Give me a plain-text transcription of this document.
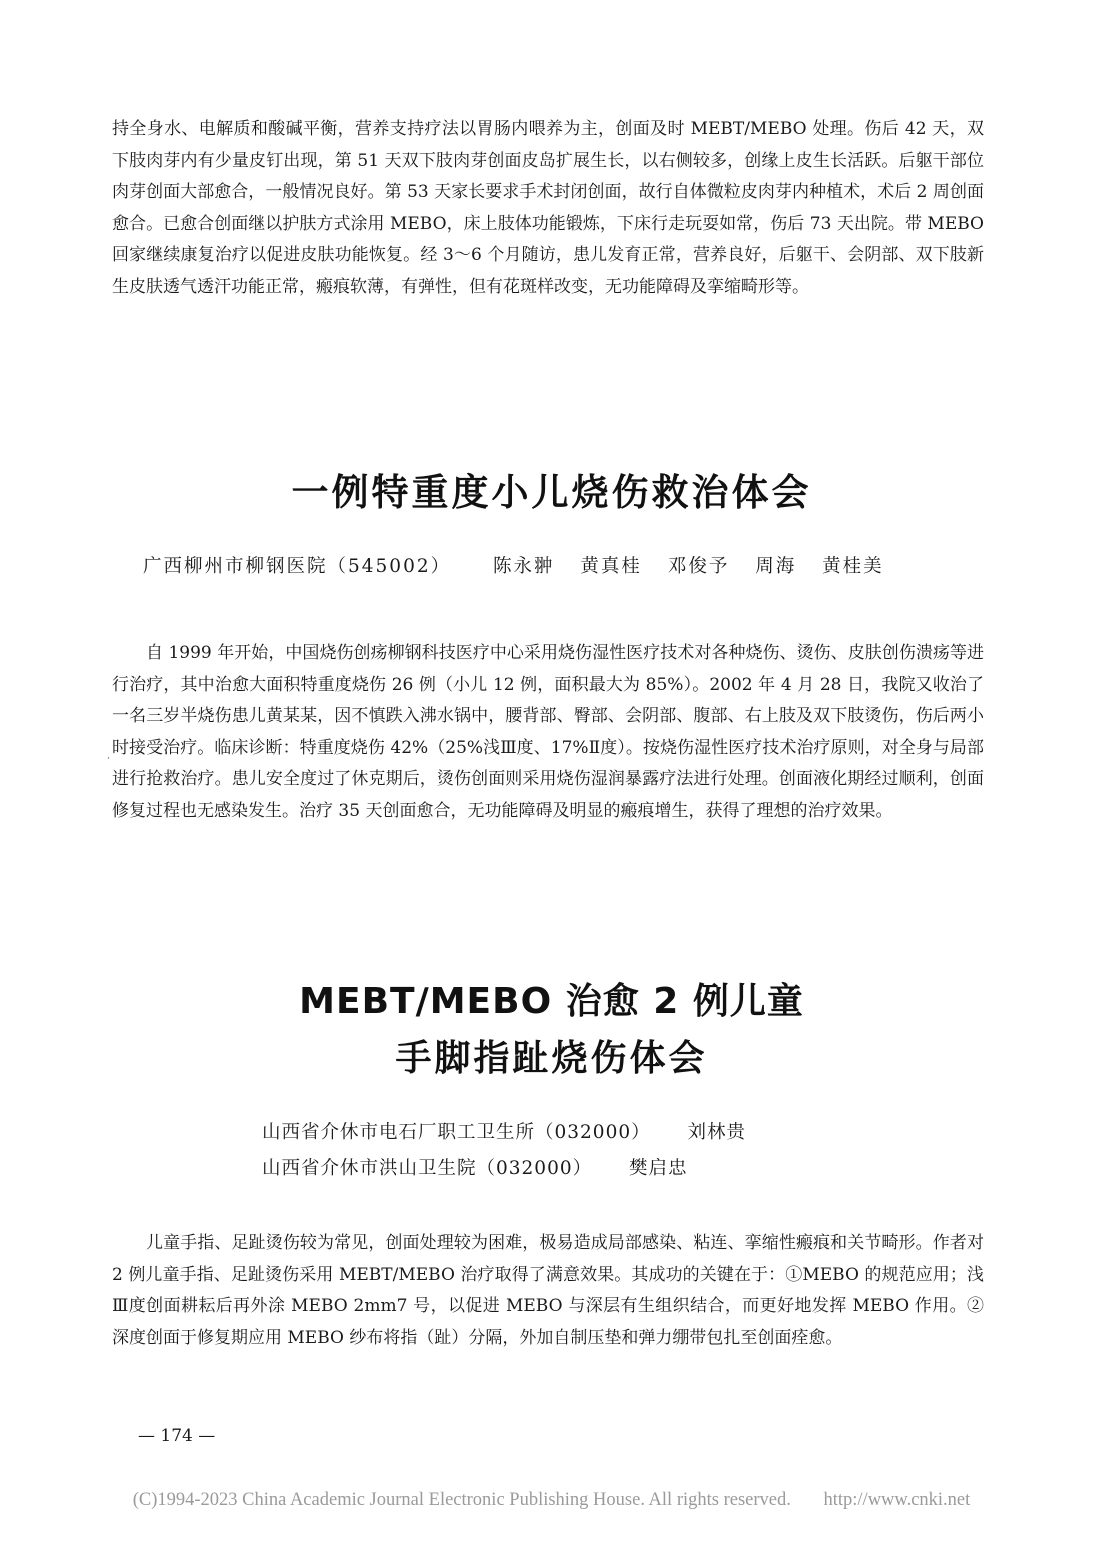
持全身水、电解质和酸碱平衡，营养支持疗法以胃肠内喂养为主，创面及时 MEBT/MEBO 处理。伤后 42 天，双下肢肉芽内有少量皮钉出现，第 51 天双下肢肉芽创面皮岛扩展生长，以右侧较多，创缘上皮生长活跃。后躯干部位肉芽创面大部愈合，一般情况良好。第 53 天家长要求手术封闭创面，故行自体微粒皮肉芽内种植术，术后 2 周创面愈合。已愈合创面继以护肤方式涂用 MEBO，床上肢体功能锻炼，下床行走玩耍如常，伤后 73 天出院。带 MEBO 回家继续康复治疗以促进皮肤功能恢复。经 3～6 个月随访，患儿发育正常，营养良好，后躯干、会阴部、双下肢新生皮肤透气透汗功能正常，瘢痕软薄，有弹性，但有花斑样改变，无功能障碍及挛缩畸形等。

一例特重度小儿烧伤救治体会
广西柳州市柳钢医院（545002） 陈永翀 黄真桂 邓俊予 周海 黄桂美
·

自 1999 年开始，中国烧伤创疡柳钢科技医疗中心采用烧伤湿性医疗技术对各种烧伤、烫伤、皮肤创伤溃疡等进行治疗，其中治愈大面积特重度烧伤 26 例（小儿 12 例，面积最大为 85%）。2002 年 4 月 28 日，我院又收治了一名三岁半烧伤患儿黄某某，因不慎跌入沸水锅中，腰背部、臀部、会阴部、腹部、右上肢及双下肢烫伤，伤后两小时接受治疗。临床诊断：特重度烧伤 42%（25%浅Ⅲ度、17%Ⅱ度）。按烧伤湿性医疗技术治疗原则，对全身与局部进行抢救治疗。患儿安全度过了休克期后，烫伤创面则采用烧伤湿润暴露疗法进行处理。创面液化期经过顺利，创面修复过程也无感染发生。治疗 35 天创面愈合，无功能障碍及明显的瘢痕增生，获得了理想的治疗效果。

MEBT/MEBO 治愈 2 例儿童
手脚指趾烧伤体会
山西省介休市电石厂职工卫生所（032000） 刘林贵
山西省介休市洪山卫生院（032000） 樊启忠

儿童手指、足趾烫伤较为常见，创面处理较为困难，极易造成局部感染、粘连、挛缩性瘢痕和关节畸形。作者对 2 例儿童手指、足趾烫伤采用 MEBT/MEBO 治疗取得了满意效果。其成功的关键在于：①MEBO 的规范应用；浅Ⅲ度创面耕耘后再外涂 MEBO 2mm7 号，以促进 MEBO 与深层有生组织结合，而更好地发挥 MEBO 作用。②深度创面于修复期应用 MEBO 纱布将指（趾）分隔，外加自制压垫和弹力绷带包扎至创面痊愈。

— 174 —
(C)1994-2023 China Academic Journal Electronic Publishing House. All rights reserved. http://www.cnki.net
